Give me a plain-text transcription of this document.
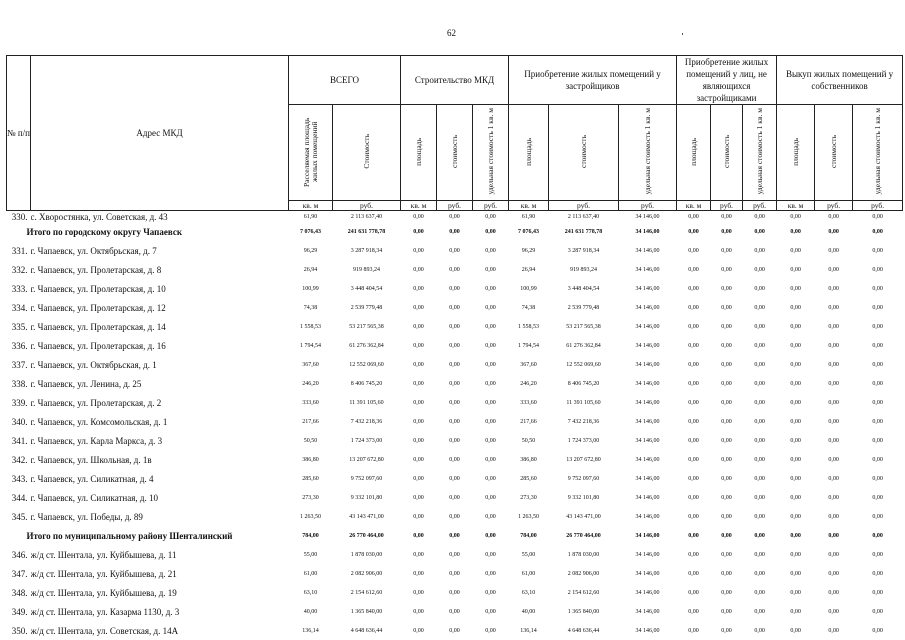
62
№ п/п	Адрес МКД	ВСЕГО		Строительство МКД			Приобретение жилых помещений у застройщиков			Приобретение жилых помещений у лиц, не являющихся застройщиками			Выкуп жилых помещений у собственников		
		Расселяемая площадь жилых помещений	Стоимость	площадь	стоимость	удельная стоимость 1 кв. м	площадь	стоимость	удельная стоимость 1 кв. м	площадь	стоимость	удельная стоимость 1 кв. м	площадь	стоимость	удельная стоимость 1 кв. м
		кв. м	руб.	кв. м	руб.	руб.	кв. м	руб.	руб.	кв. м	руб.	руб.	кв. м	руб.	руб.
330.	с. Хворостянка, ул. Советская, д. 43	61,90	2 113 637,40	0,00	0,00	0,00	61,90	2 113 637,40	34 146,00	0,00	0,00	0,00	0,00	0,00	0,00
Итого по городскому округу Чапаевск		7 076,43	241 631 778,78	0,00	0,00	0,00	7 076,43	241 631 778,78	34 146,00	0,00	0,00	0,00	0,00	0,00	0,00
331.	г. Чапаевск, ул. Октябрьская, д. 7	96,29	3 287 918,34	0,00	0,00	0,00	96,29	3 287 918,34	34 146,00	0,00	0,00	0,00	0,00	0,00	0,00
332.	г. Чапаевск, ул. Пролетарская, д. 8	26,94	919 893,24	0,00	0,00	0,00	26,94	919 893,24	34 146,00	0,00	0,00	0,00	0,00	0,00	0,00
333.	г. Чапаевск, ул. Пролетарская, д. 10	100,99	3 448 404,54	0,00	0,00	0,00	100,99	3 448 404,54	34 146,00	0,00	0,00	0,00	0,00	0,00	0,00
334.	г. Чапаевск, ул. Пролетарская, д. 12	74,38	2 539 779,48	0,00	0,00	0,00	74,38	2 539 779,48	34 146,00	0,00	0,00	0,00	0,00	0,00	0,00
335.	г. Чапаевск, ул. Пролетарская, д. 14	1 558,53	53 217 565,38	0,00	0,00	0,00	1 558,53	53 217 565,38	34 146,00	0,00	0,00	0,00	0,00	0,00	0,00
336.	г. Чапаевск, ул. Пролетарская, д. 16	1 794,54	61 276 362,84	0,00	0,00	0,00	1 794,54	61 276 362,84	34 146,00	0,00	0,00	0,00	0,00	0,00	0,00
337.	г. Чапаевск, ул. Октябрьская, д. 1	367,60	12 552 069,60	0,00	0,00	0,00	367,60	12 552 069,60	34 146,00	0,00	0,00	0,00	0,00	0,00	0,00
338.	г. Чапаевск, ул. Ленина, д. 25	246,20	8 406 745,20	0,00	0,00	0,00	246,20	8 406 745,20	34 146,00	0,00	0,00	0,00	0,00	0,00	0,00
339.	г. Чапаевск, ул. Пролетарская, д. 2	333,60	11 391 105,60	0,00	0,00	0,00	333,60	11 391 105,60	34 146,00	0,00	0,00	0,00	0,00	0,00	0,00
340.	г. Чапаевск, ул. Комсомольская, д. 1	217,66	7 432 218,36	0,00	0,00	0,00	217,66	7 432 218,36	34 146,00	0,00	0,00	0,00	0,00	0,00	0,00
341.	г. Чапаевск, ул. Карла Маркса, д. 3	50,50	1 724 373,00	0,00	0,00	0,00	50,50	1 724 373,00	34 146,00	0,00	0,00	0,00	0,00	0,00	0,00
342.	г. Чапаевск, ул. Школьная, д. 1в	386,80	13 207 672,80	0,00	0,00	0,00	386,80	13 207 672,80	34 146,00	0,00	0,00	0,00	0,00	0,00	0,00
343.	г. Чапаевск, ул. Силикатная, д. 4	285,60	9 752 097,60	0,00	0,00	0,00	285,60	9 752 097,60	34 146,00	0,00	0,00	0,00	0,00	0,00	0,00
344.	г. Чапаевск, ул. Силикатная, д. 10	273,30	9 332 101,80	0,00	0,00	0,00	273,30	9 332 101,80	34 146,00	0,00	0,00	0,00	0,00	0,00	0,00
345.	г. Чапаевск, ул. Победы, д. 89	1 263,50	43 143 471,00	0,00	0,00	0,00	1 263,50	43 143 471,00	34 146,00	0,00	0,00	0,00	0,00	0,00	0,00
Итого по муниципальному району Шенталинский		784,00	26 770 464,00	0,00	0,00	0,00	784,00	26 770 464,00	34 146,00	0,00	0,00	0,00	0,00	0,00	0,00
346.	ж/д ст. Шентала, ул. Куйбышева, д. 11	55,00	1 878 030,00	0,00	0,00	0,00	55,00	1 878 030,00	34 146,00	0,00	0,00	0,00	0,00	0,00	0,00
347.	ж/д ст. Шентала, ул. Куйбышева, д. 21	61,00	2 082 906,00	0,00	0,00	0,00	61,00	2 082 906,00	34 146,00	0,00	0,00	0,00	0,00	0,00	0,00
348.	ж/д ст. Шентала, ул. Куйбышева, д. 19	63,10	2 154 612,60	0,00	0,00	0,00	63,10	2 154 612,60	34 146,00	0,00	0,00	0,00	0,00	0,00	0,00
349.	ж/д ст. Шентала, ул. Казарма 1130, д. 3	40,00	1 365 840,00	0,00	0,00	0,00	40,00	1 365 840,00	34 146,00	0,00	0,00	0,00	0,00	0,00	0,00
350.	ж/д ст. Шентала, ул. Советская, д. 14А	136,14	4 648 636,44	0,00	0,00	0,00	136,14	4 648 636,44	34 146,00	0,00	0,00	0,00	0,00	0,00	0,00
